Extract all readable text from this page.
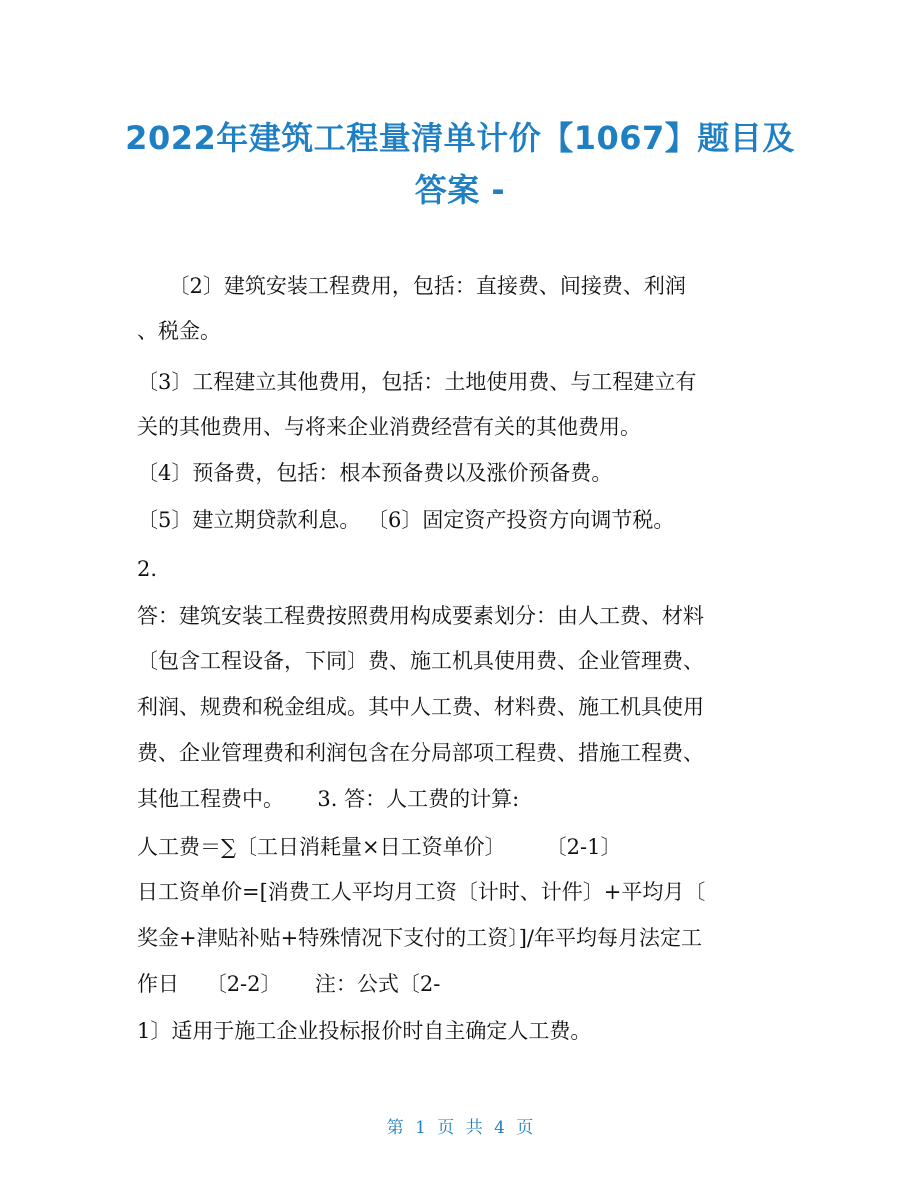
2022年建筑工程量清单计价【1067】题目及
答案 -
　　〔2〕建筑安装工程费用，包括：直接费、间接费、利润
、税金。
〔3〕工程建立其他费用，包括：土地使用费、与工程建立有
关的其他费用、与将来企业消费经营有关的其他费用。
〔4〕预备费，包括：根本预备费以及涨价预备费。
〔5〕建立期贷款利息。 〔6〕固定资产投资方向调节税。
2.
答：建筑安装工程费按照费用构成要素划分：由人工费、材料
〔包含工程设备，下同〕费、施工机具使用费、企业管理费、
利润、规费和税金组成。其中人工费、材料费、施工机具使用
费、企业管理费和利润包含在分局部项工程费、措施工程费、
其他工程费中。     3. 答：人工费的计算:
人工费＝∑〔工日消耗量×日工资单价〕      〔2-1〕
日工资单价=[消费工人平均月工资〔计时、计件〕+平均月〔
奖金+津贴补贴+特殊情况下支付的工资〕]/年平均每月法定工
作日    〔2-2〕     注：公式〔2-
1〕适用于施工企业投标报价时自主确定人工费。
第 1 页 共 4 页
